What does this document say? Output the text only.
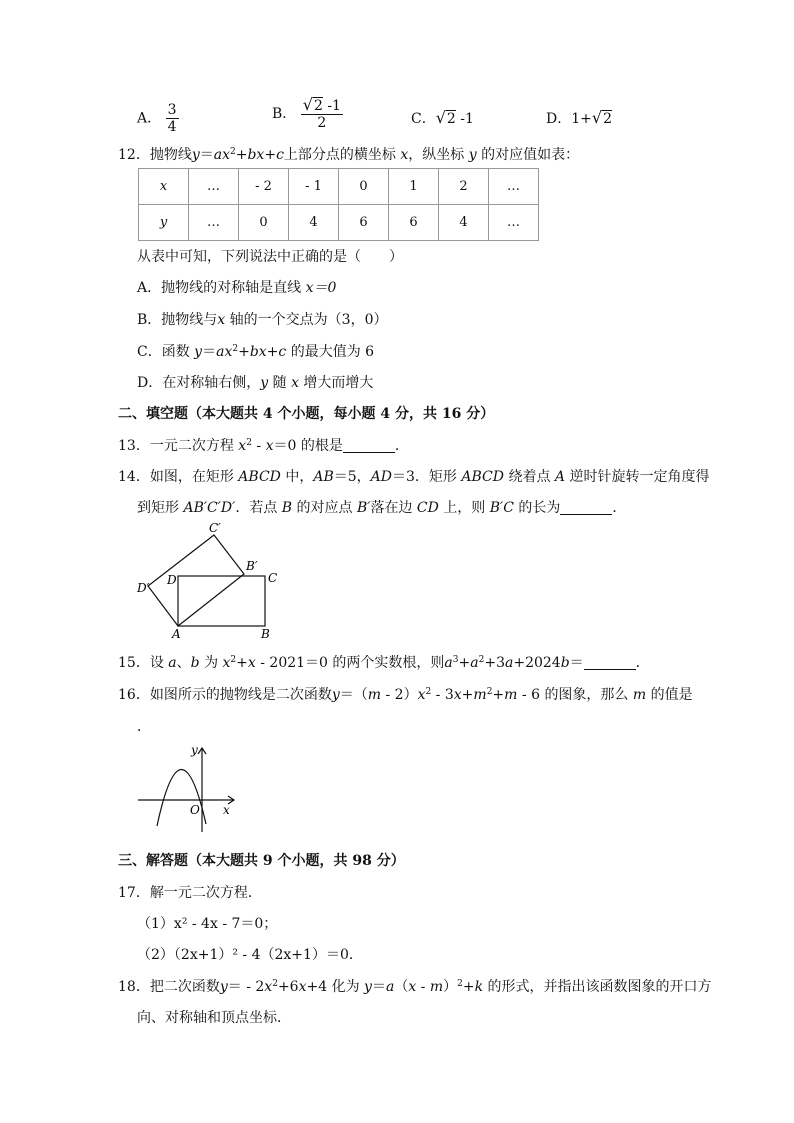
A． $\frac{3}{4}$	B． $\frac{√2 -1}{2}$	C．√2 -1	D．1+√2
12．抛物线$y=ax^2+bx+c$上部分点的横坐标 x，纵坐标 y 的对应值如表：
x	…	- 2	- 1	0	1	2	…
y	…	0	4	6	6	4	…
从表中可知，下列说法中正确的是（　　）
A．抛物线的对称轴是直线 x＝0
B．抛物线与x 轴的一个交点为（3，0）
C．函数 $y=ax^2+bx+c$ 的最大值为 6
D．在对称轴右侧，y 随 x 增大而增大
二、填空题（本大题共 4 个小题，每小题 4 分，共 16 分）
13．一元二次方程 $x^2 - x=0$ 的根是	．
14．如图，在矩形 ABCD 中，AB＝5，AD＝3．矩形 ABCD 绕着点 A 逆时针旋转一定角度得
到矩形 AB′C′D′．若点 B 的对应点 B′落在边 CD 上，则 B′C 的长为	．
C′
B′
C
D
D′
A	B
15．设 a、b 为 $x^2+x - 2021=0$ 的两个实数根，则$a^3+a^2+3a+2024b=$	．
16．如图所示的抛物线是二次函数$y=(m - 2)x^2 - 3x+m^2+m - 6$ 的图象，那么 m 的值是
．
y
O x
三、解答题（本大题共 9 个小题，共 98 分）
17．解一元二次方程．
（1）x² - 4x - 7＝0；
（2）（2x+1）² - 4（2x+1）＝0．
18．把二次函数$y= - 2x^2+6x+4$ 化为 y＝a（x - m）$^2$+k 的形式，并指出该函数图象的开口方
向、对称轴和顶点坐标．
